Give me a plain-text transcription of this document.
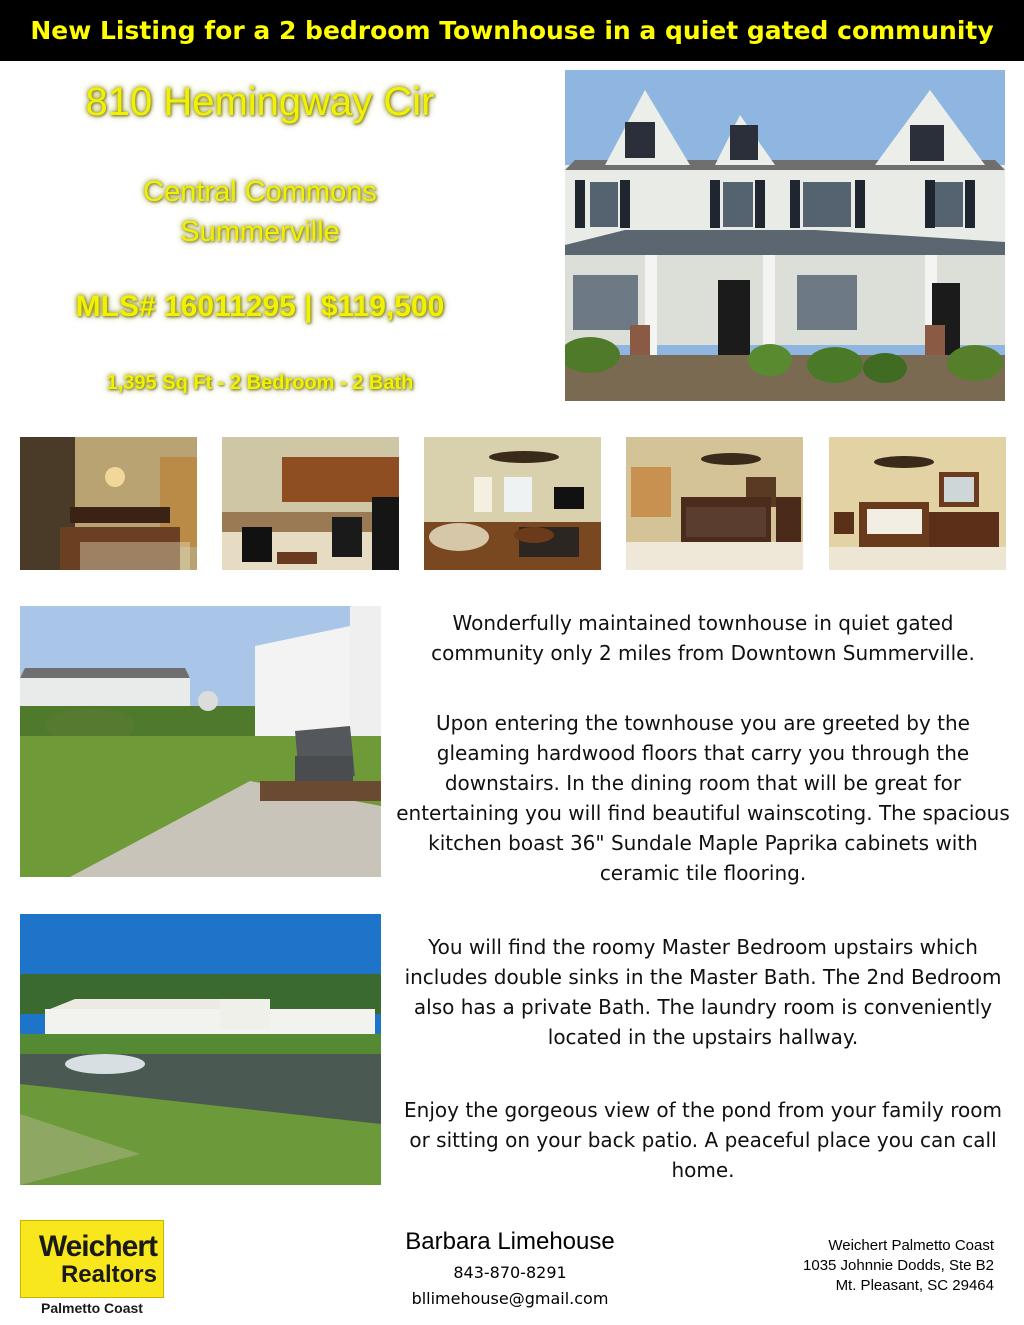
New Listing for a 2 bedroom Townhouse in a quiet gated community
810 Hemingway Cir
Central Commons
Summerville
MLS# 16011295 | $119,500
1,395 Sq Ft - 2 Bedroom - 2 Bath

Wonderfully maintained townhouse in quiet gated community only 2 miles from Downtown Summerville.

Upon entering the townhouse you are greeted by the gleaming hardwood floors that carry you through the downstairs. In the dining room that will be great for entertaining you will find beautiful wainscoting. The spacious kitchen boast 36" Sundale Maple Paprika cabinets with ceramic tile flooring.

You will find the roomy Master Bedroom upstairs which includes double sinks in the Master Bath. The 2nd Bedroom also has a private Bath. The laundry room is conveniently located in the upstairs hallway.

Enjoy the gorgeous view of the pond from your family room or sitting on your back patio. A peaceful place you can call home.

Weichert
Realtors
Palmetto Coast
Barbara Limehouse
843-870-8291
bllimehouse@gmail.com
Weichert Palmetto Coast
1035 Johnnie Dodds, Ste B2
Mt. Pleasant, SC 29464
